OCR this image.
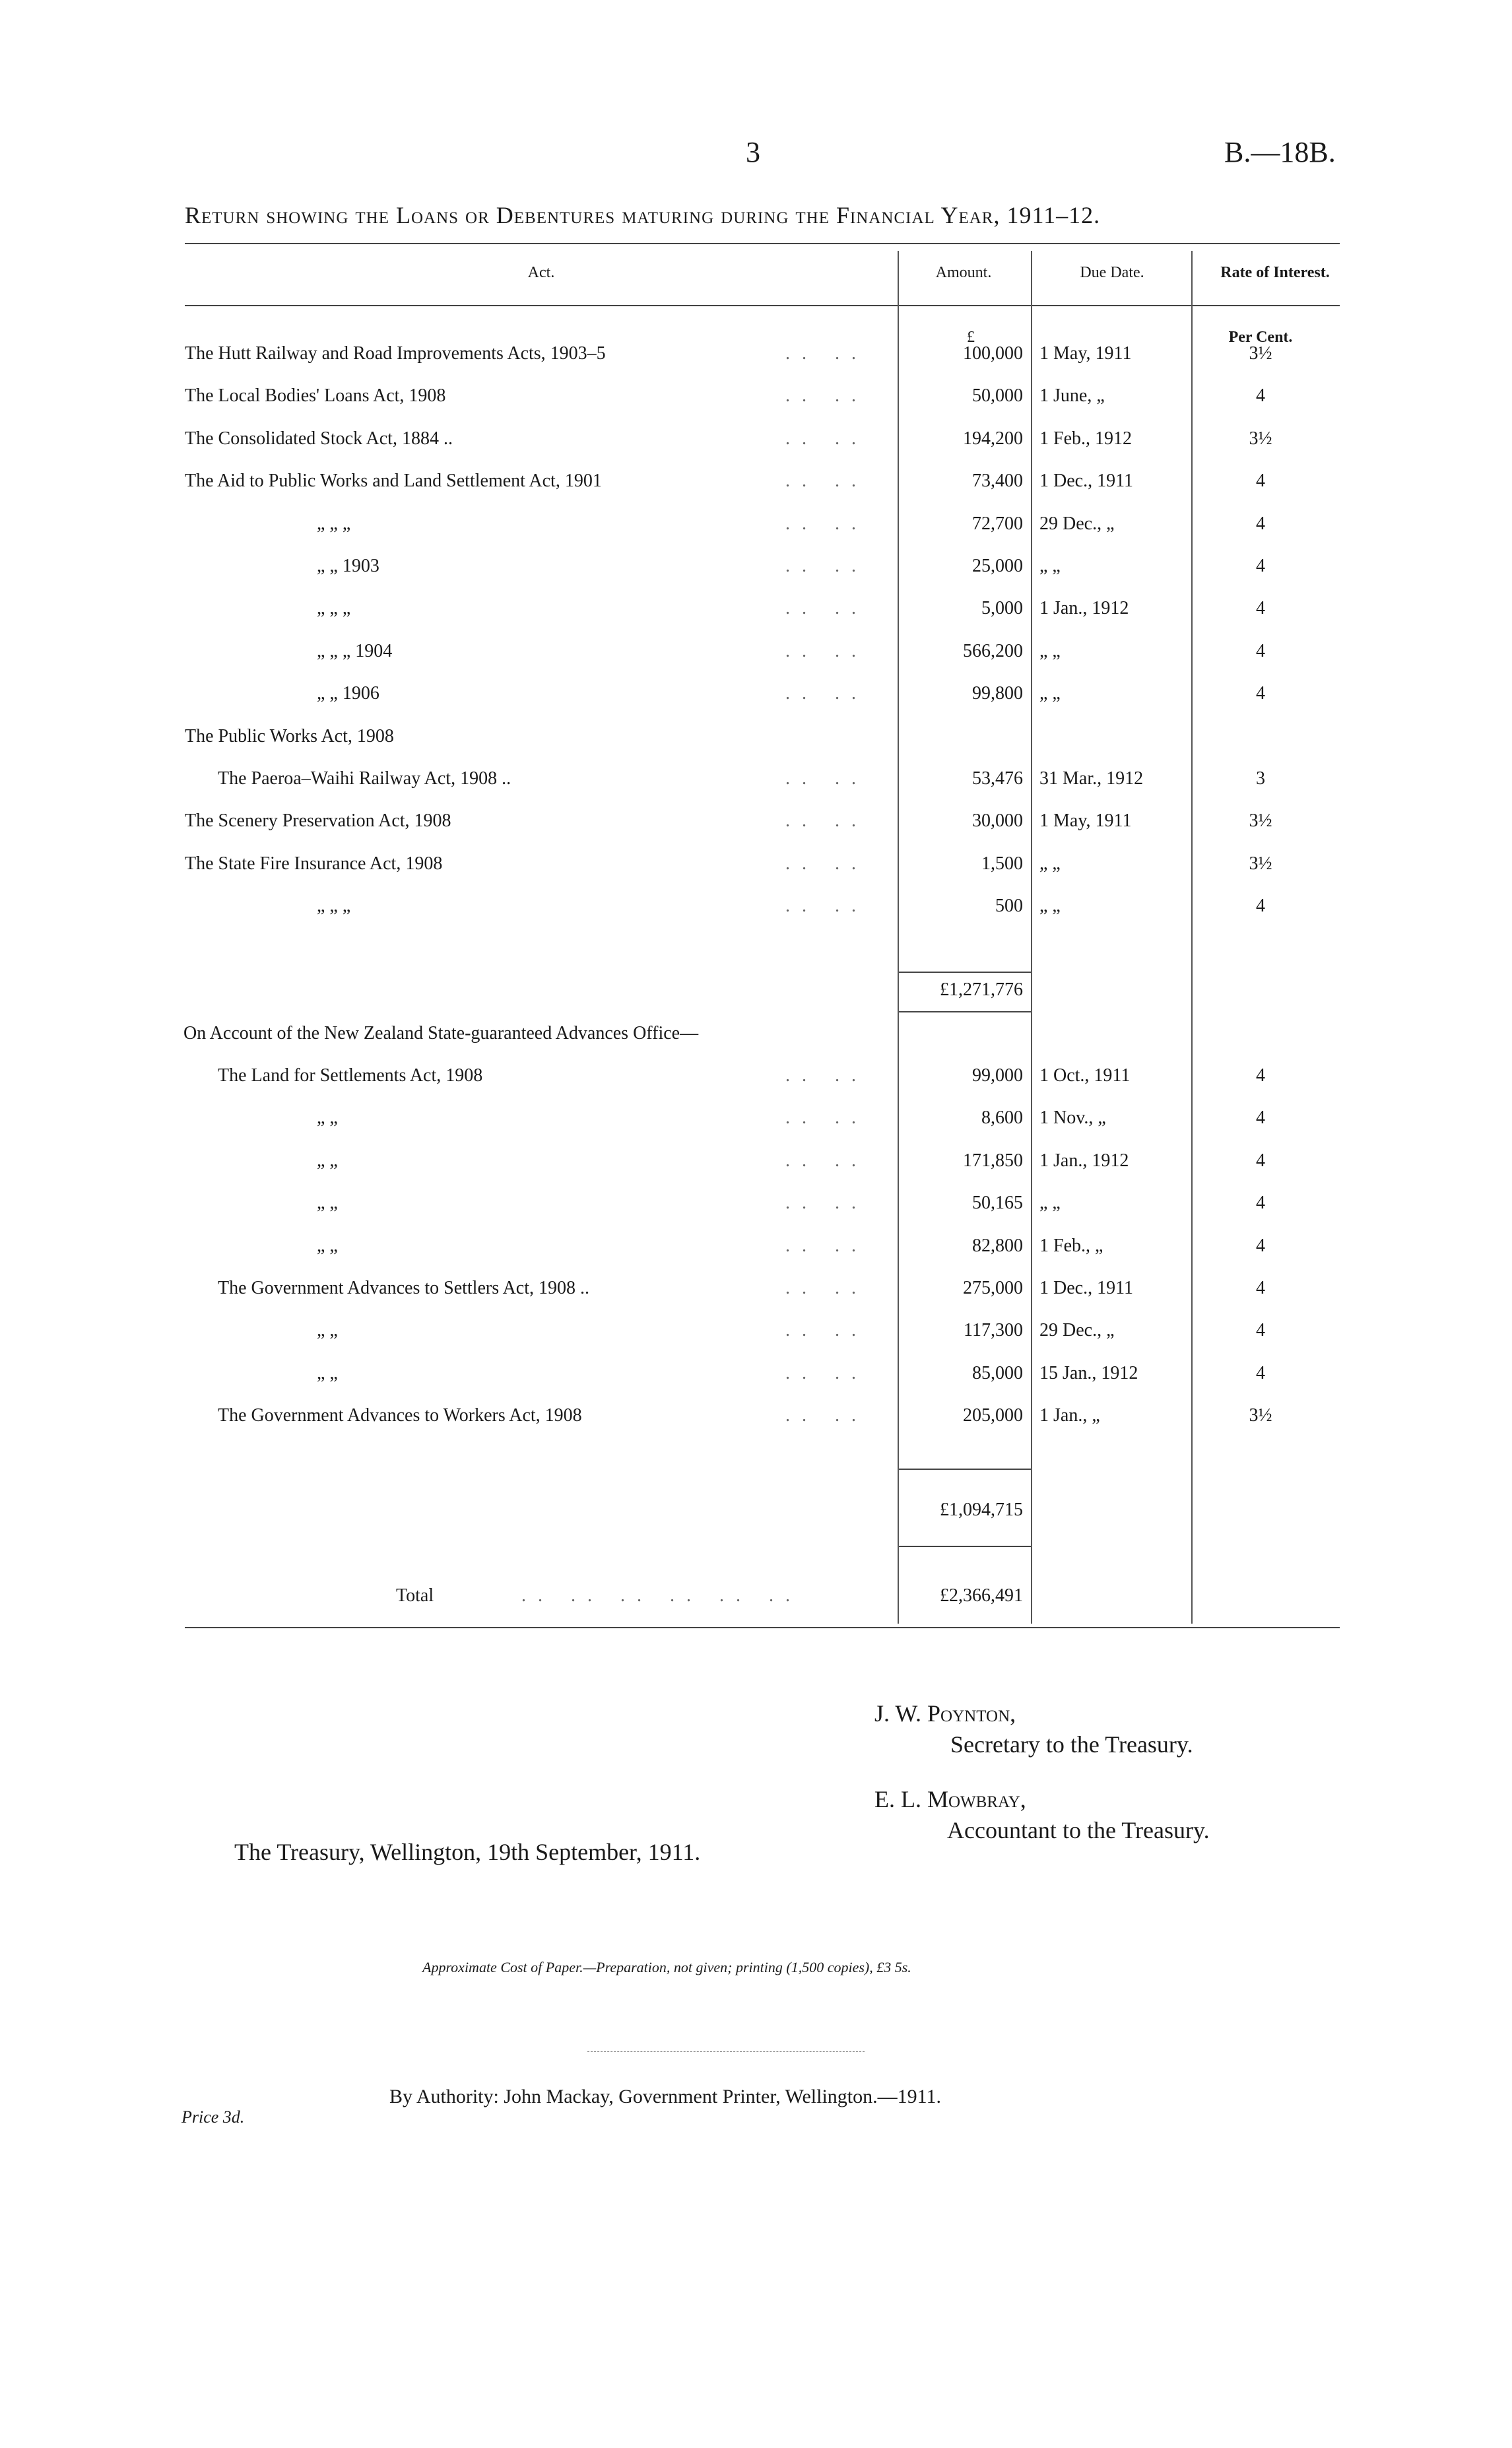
3	B.—18B.
Return showing the Loans or Debentures maturing during the Financial Year, 1911–12.
Act.	Amount.	Due Date.	Rate of Interest.
£	Per Cent.
The Hutt Railway and Road Improvements Acts, 1903–5	.. ..	100,000 1 May, 1911	3½
The Local Bodies' Loans Act, 1908	.. ..	50,000 1 June, „	4
The Consolidated Stock Act, 1884 ..	.. ..	194,200 1 Feb., 1912	3½
The Aid to Public Works and Land Settlement Act, 1901	.. ..	73,400 1 Dec., 1911	4
„ „ „	.. ..	72,700 29 Dec., „	4
„ „ 1903	.. ..	25,000 „ „	4
„ „ „	.. ..	5,000 1 Jan., 1912	4
„ „ „ 1904	.. ..	566,200 „ „	4
„ „ 1906	.. ..	99,800 „ „	4
The Public Works Act, 1908
The Paeroa–Waihi Railway Act, 1908 ..	.. ..	53,476 31 Mar., 1912	3
The Scenery Preservation Act, 1908	.. ..	30,000 1 May, 1911	3½
The State Fire Insurance Act, 1908	.. ..	1,500 „ „	3½
„ „ „	.. ..	500 „ „	4
£1,271,776
On Account of the New Zealand State-guaranteed Advances Office—
The Land for Settlements Act, 1908	.. ..	99,000 1 Oct., 1911	4
„ „	.. ..	8,600 1 Nov., „	4
„ „	.. ..	171,850 1 Jan., 1912	4
„ „	.. ..	50,165 „ „	4
„ „	.. ..	82,800 1 Feb., „	4
The Government Advances to Settlers Act, 1908 ..	.. ..	275,000 1 Dec., 1911	4
„ „	.. ..	117,300 29 Dec., „	4
„ „	.. ..	85,000 15 Jan., 1912	4
The Government Advances to Workers Act, 1908	.. ..	205,000 1 Jan., „	3½
£1,094,715
Total	.. .. .. .. .. ..	£2,366,491
J. W. Poynton,
Secretary to the Treasury.
E. L. Mowbray,
Accountant to the Treasury.
The Treasury, Wellington, 19th September, 1911.
Approximate Cost of Paper.—Preparation, not given; printing (1,500 copies), £3 5s.
By Authority: John Mackay, Government Printer, Wellington.—1911.
Price 3d.
